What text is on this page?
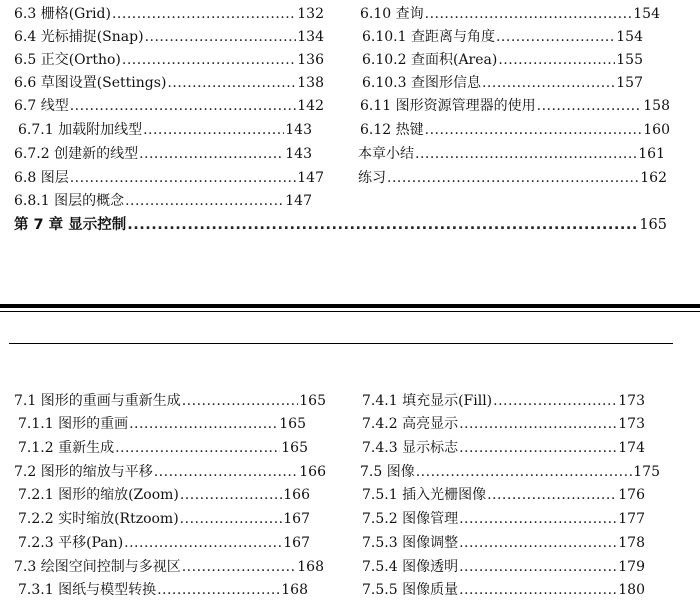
6.3 栅格(Grid) .....	132
6.4 光标捕捉(Snap) .....	134
6.5 正交(Ortho) .....	136
6.6 草图设置(Settings) .....	138
6.7 线型 .....	142
6.7.1 加载附加线型 .....	143
6.7.2 创建新的线型 .....	143
6.8 图层 .....	147
6.8.1 图层的概念 .....	147
6.10 查询 .....	154
6.10.1 查距离与角度 .....	154
6.10.2 查面积(Area) .....	155
6.10.3 查图形信息 .....	157
6.11 图形资源管理器的使用 .....	158
6.12 热键 .....	160
本章小结 .....	161
练习 .....	162
第 7 章 显示控制 .....	165
7.1 图形的重画与重新生成 .....	165
7.1.1 图形的重画 .....	165
7.1.2 重新生成 .....	165
7.2 图形的缩放与平移 .....	166
7.2.1 图形的缩放(Zoom) .....	166
7.2.2 实时缩放(Rtzoom) .....	167
7.2.3 平移(Pan) .....	167
7.3 绘图空间控制与多视区 .....	168
7.3.1 图纸与模型转换 .....	168
7.4.1 填充显示(Fill) .....	173
7.4.2 高亮显示 .....	173
7.4.3 显示标志 .....	174
7.5 图像 .....	175
7.5.1 插入光栅图像 .....	176
7.5.2 图像管理 .....	177
7.5.3 图像调整 .....	178
7.5.4 图像透明 .....	179
7.5.5 图像质量 .....	180
